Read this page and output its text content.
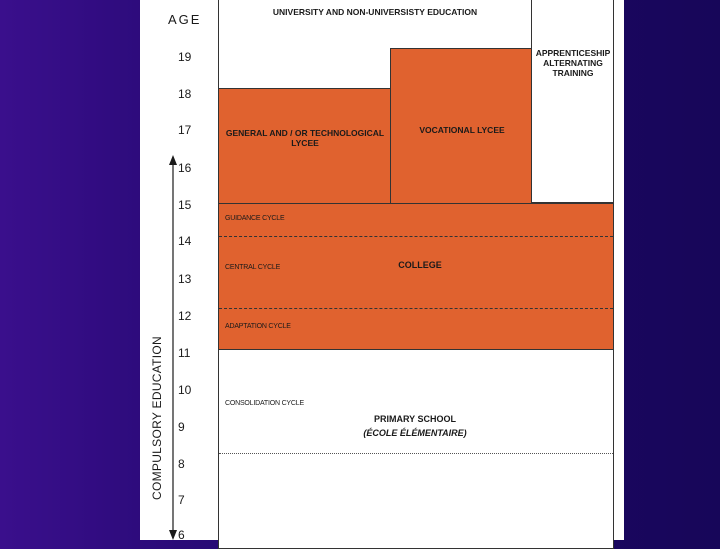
AGE
19
18
17
16
15
14
13
12
11
10
9
8
7
6
COMPULSORY EDUCATION
UNIVERSITY AND NON-UNIVERSISTY EDUCATION
APPRENTICESHIP ALTERNATING TRAINING
GENERAL AND / OR TECHNOLOGICAL
LYCEE
VOCATIONAL LYCEE
GUIDANCE CYCLE
CENTRAL CYCLE
ADAPTATION CYCLE
COLLEGE
CONSOLIDATION CYCLE
PRIMARY SCHOOL
(ÉCOLE ÉLÉMENTAIRE)
